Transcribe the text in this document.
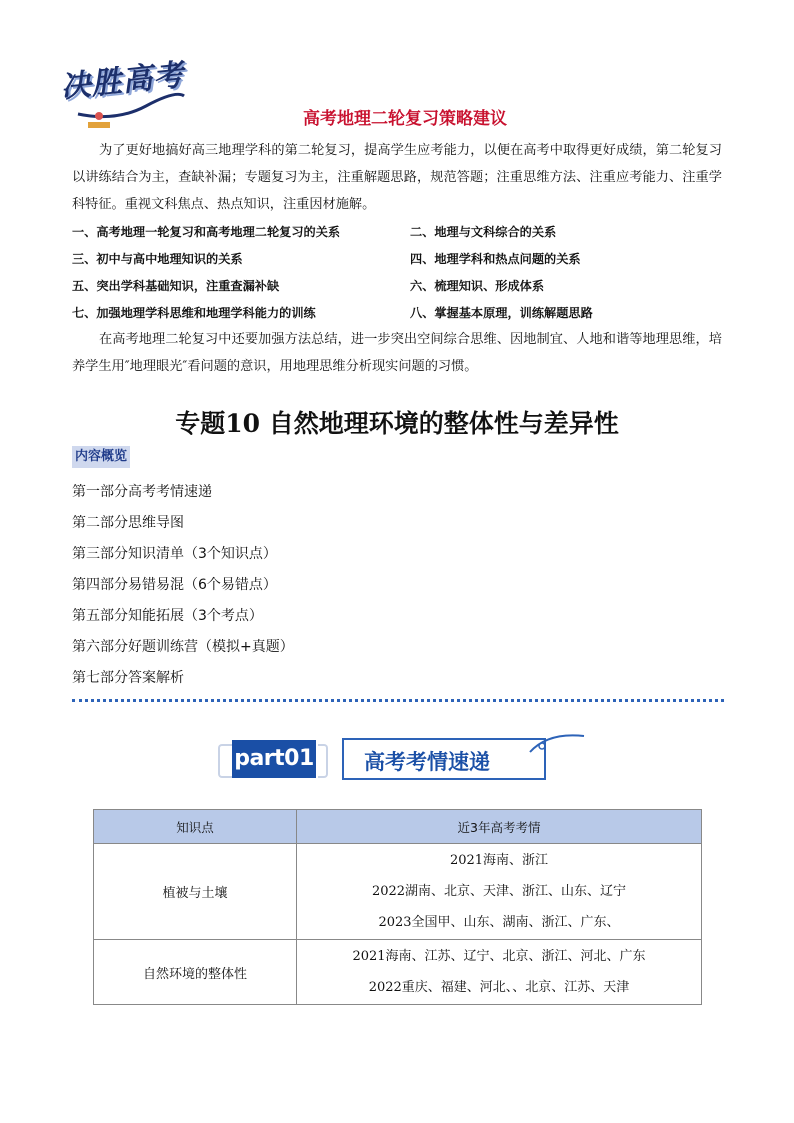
决胜高考
高考地理二轮复习策略建议
为了更好地搞好高三地理学科的第二轮复习，提高学生应考能力，以便在高考中取得更好成绩，第二轮复习以讲练结合为主，查缺补漏；专题复习为主，注重解题思路，规范答题；注重思维方法、注重应考能力、注重学科特征。重视文科焦点、热点知识，注重因材施解。
一、高考地理一轮复习和高考地理二轮复习的关系	二、地理与文科综合的关系
三、初中与高中地理知识的关系	四、地理学科和热点问题的关系
五、突出学科基础知识，注重查漏补缺	六、梳理知识、形成体系
七、加强地理学科思维和地理学科能力的训练	八、掌握基本原理，训练解题思路
在高考地理二轮复习中还要加强方法总结，进一步突出空间综合思维、因地制宜、人地和谐等地理思维，培养学生用″地理眼光″看问题的意识，用地理思维分析现实问题的习惯。
专题10 自然地理环境的整体性与差异性
内容概览
第一部分高考考情速递
第二部分思维导图
第三部分知识清单（3个知识点）
第四部分易错易混（6个易错点）
第五部分知能拓展（3个考点）
第六部分好题训练营（模拟+真题）
第七部分答案解析
part01 高考考情速递
知识点	近3年高考考情
植被与土壤	2021海南、浙江
2022湖南、北京、天津、浙江、山东、辽宁
2023全国甲、山东、湖南、浙江、广东、

自然环境的整体性	2021海南、江苏、辽宁、北京、浙江、河北、广东
2022重庆、福建、河北、、北京、江苏、天津
